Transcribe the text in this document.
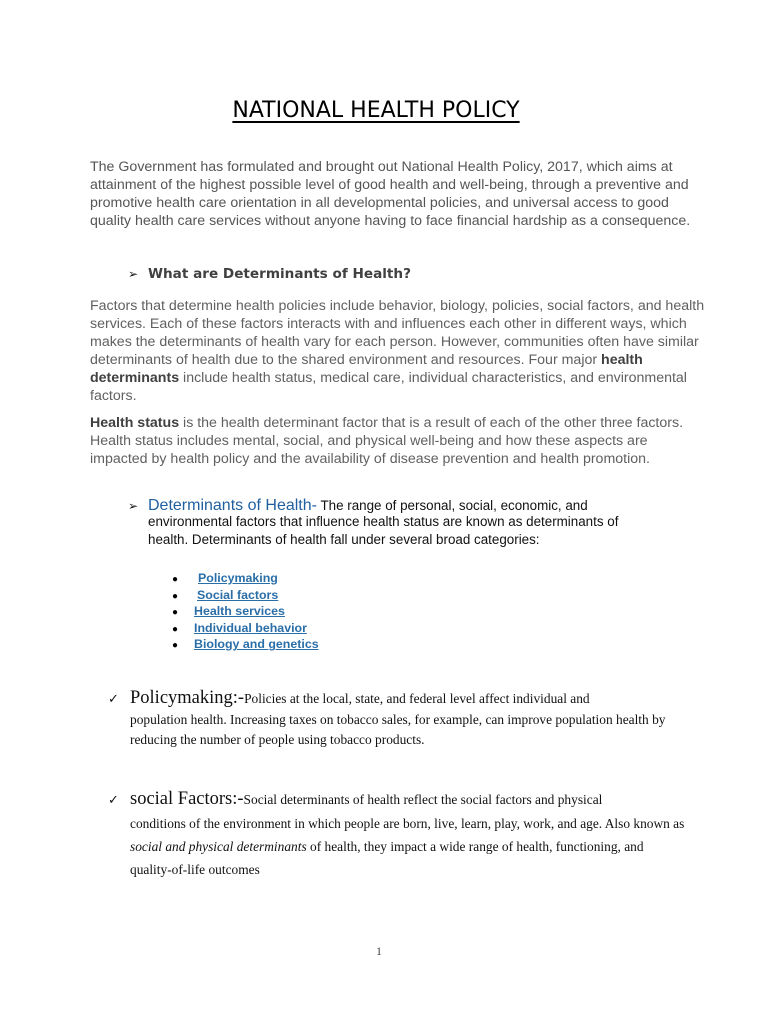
NATIONAL HEALTH POLICY
The Government has formulated and brought out National Health Policy, 2017, which aims at attainment of the highest possible level of good health and well-being, through a preventive and promotive health care orientation in all developmental policies, and universal access to good quality health care services without anyone having to face financial hardship as a consequence.
➢ What are Determinants of Health?
Factors that determine health policies include behavior, biology, policies, social factors, and health services. Each of these factors interacts with and influences each other in different ways, which makes the determinants of health vary for each person. However, communities often have similar determinants of health due to the shared environment and resources. Four major health determinants include health status, medical care, individual characteristics, and environmental factors.
Health status is the health determinant factor that is a result of each of the other three factors. Health status includes mental, social, and physical well-being and how these aspects are impacted by health policy and the availability of disease prevention and health promotion.
➢ Determinants of Health- The range of personal, social, economic, and
environmental factors that influence health status are known as determinants of health. Determinants of health fall under several broad categories:
● Policymaking
● Social factors
● Health services
● Individual behavior
● Biology and genetics
✓ Policymaking:-Policies at the local, state, and federal level affect individual and
population health. Increasing taxes on tobacco sales, for example, can improve population health by reducing the number of people using tobacco products.
✓ social Factors:-Social determinants of health reflect the social factors and physical
conditions of the environment in which people are born, live, learn, play, work, and age. Also known as social and physical determinants of health, they impact a wide range of health, functioning, and quality-of-life outcomes
1
